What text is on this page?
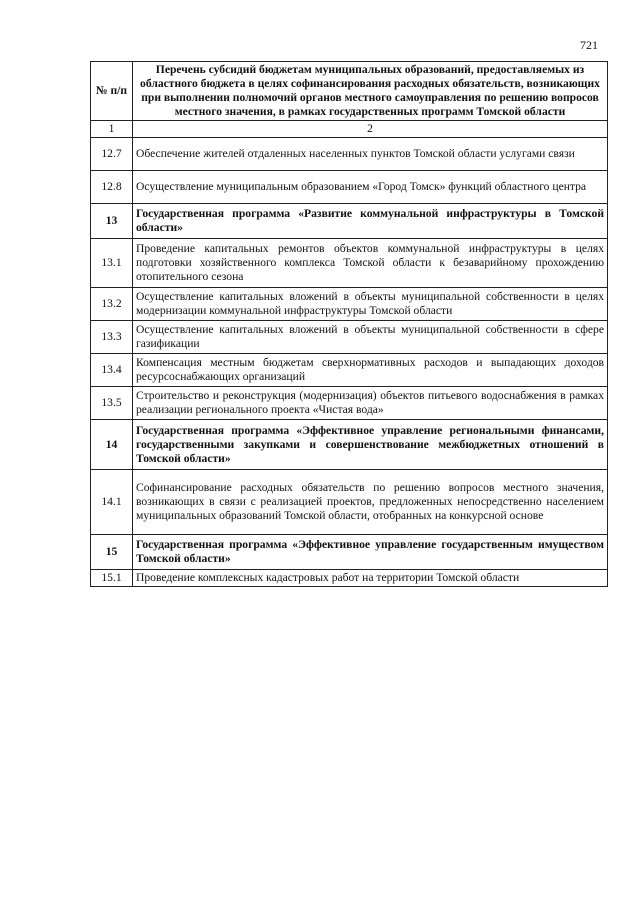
721
№ п/п	Перечень субсидий бюджетам муниципальных образований, предоставляемых из областного бюджета в целях софинансирования расходных обязательств, возникающих при выполнении полномочий органов местного самоуправления по решению вопросов местного значения, в рамках государственных программ Томской области
1	2
12.7	Обеспечение жителей отдаленных населенных пунктов Томской области услугами связи
12.8	Осуществление муниципальным образованием «Город Томск» функций областного центра
13	Государственная программа «Развитие коммунальной инфраструктуры в Томской области»
13.1	Проведение капитальных ремонтов объектов коммунальной инфраструктуры в целях подготовки хозяйственного комплекса Томской области к безаварийному прохождению отопительного сезона
13.2	Осуществление капитальных вложений в объекты муниципальной собственности в целях модернизации коммунальной инфраструктуры Томской области
13.3	Осуществление капитальных вложений в объекты муниципальной собственности в сфере газификации
13.4	Компенсация местным бюджетам сверхнормативных расходов и выпадающих доходов ресурсоснабжающих организаций
13.5	Строительство и реконструкция (модернизация) объектов питьевого водоснабжения в рамках реализации регионального проекта «Чистая вода»
14	Государственная программа «Эффективное управление региональными финансами, государственными закупками и совершенствование межбюджетных отношений в Томской области»
14.1	Софинансирование расходных обязательств по решению вопросов местного значения, возникающих в связи с реализацией проектов, предложенных непосредственно населением муниципальных образований Томской области, отобранных на конкурсной основе
15	Государственная программа «Эффективное управление государственным имуществом Томской области»
15.1	Проведение комплексных кадастровых работ на территории Томской области
